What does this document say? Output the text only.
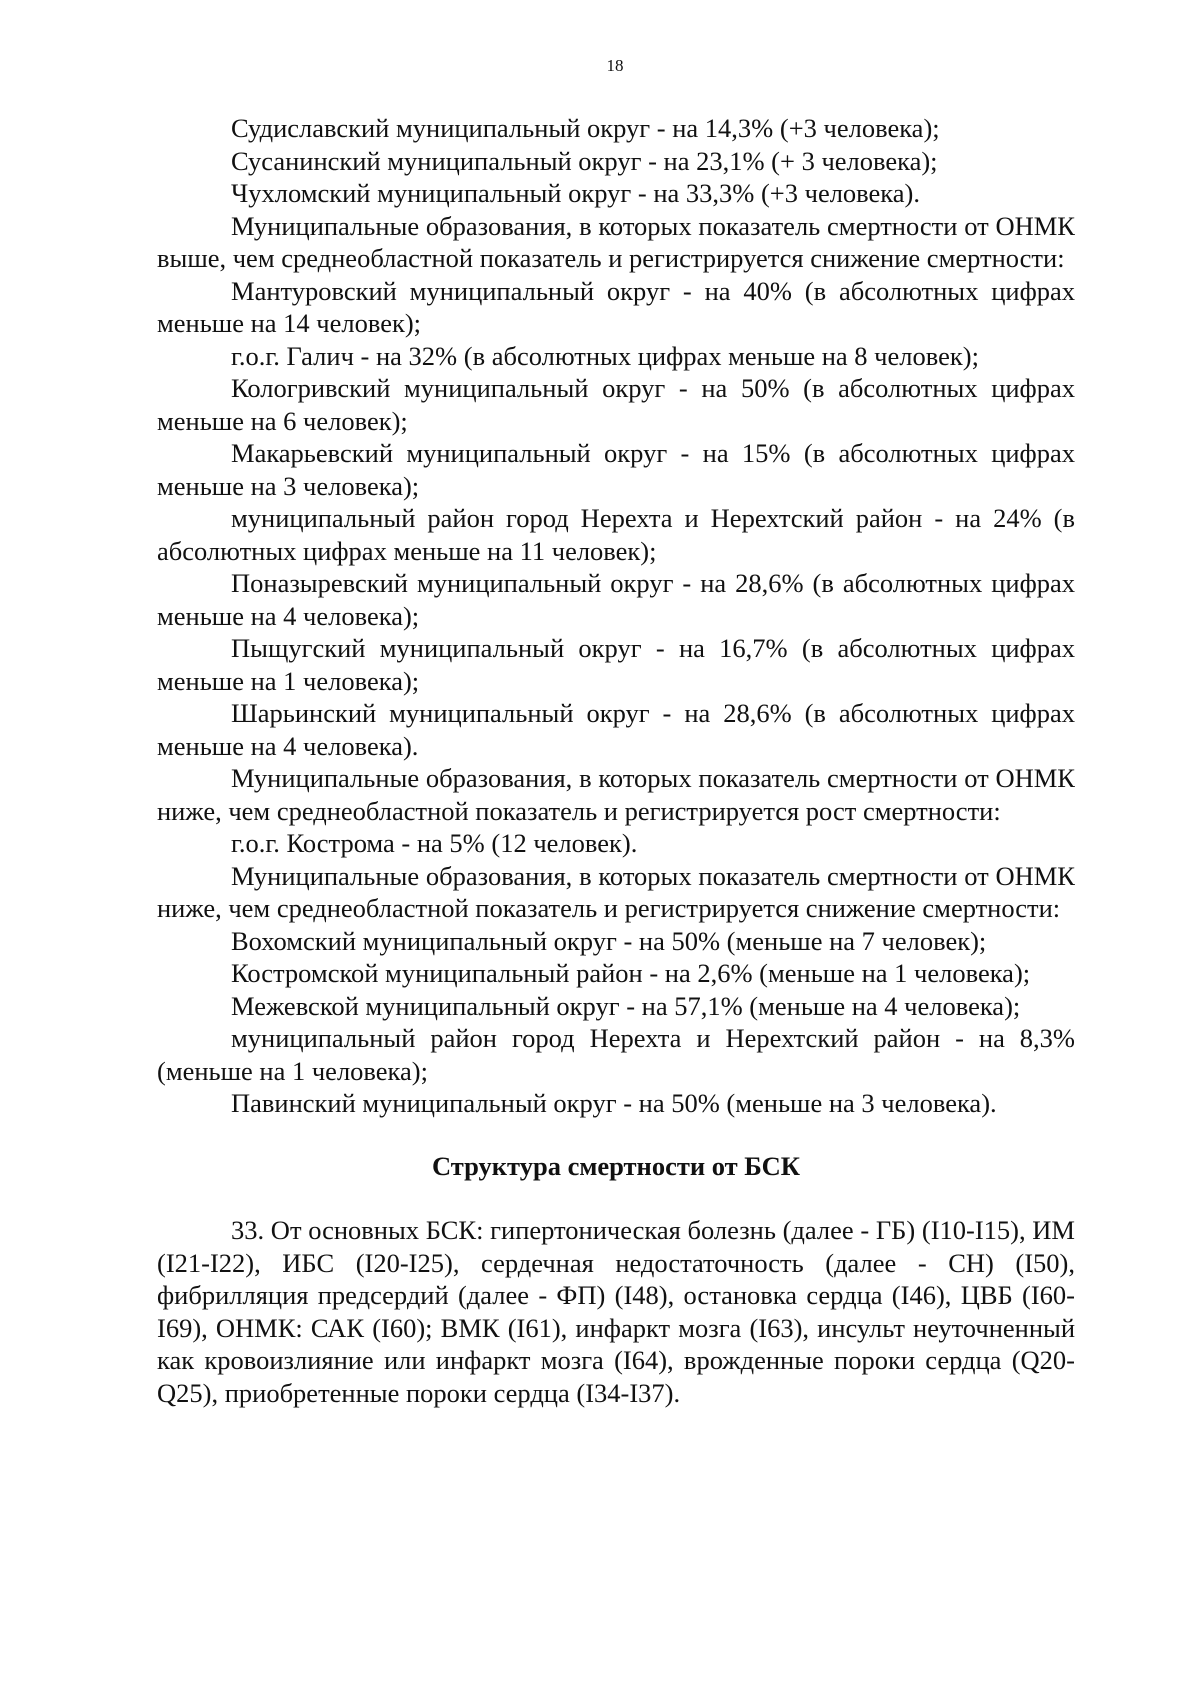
18

Судиславский муниципальный округ - на 14,3% (+3 человека);

Сусанинский муниципальный округ - на 23,1% (+ 3 человека);

Чухломский муниципальный округ - на 33,3% (+3 человека).

Муниципальные образования, в которых показатель смертности от ОНМК выше, чем среднеобластной показатель и регистрируется снижение смертности:

Мантуровский муниципальный округ - на 40% (в абсолютных цифрах меньше на 14 человек);

г.о.г. Галич - на 32% (в абсолютных цифрах меньше на 8 человек);

Кологривский муниципальный округ - на 50% (в абсолютных цифрах меньше на 6 человек);

Макарьевский муниципальный округ - на 15% (в абсолютных цифрах меньше на 3 человека);

муниципальный район город Нерехта и Нерехтский район - на 24% (в абсолютных цифрах меньше на 11 человек);

Поназыревский муниципальный округ - на 28,6% (в абсолютных цифрах меньше на 4 человека);

Пыщугский муниципальный округ - на 16,7% (в абсолютных цифрах меньше на 1 человека);

Шарьинский муниципальный округ - на 28,6% (в абсолютных цифрах меньше на 4 человека).

Муниципальные образования, в которых показатель смертности от ОНМК ниже, чем среднеобластной показатель и регистрируется рост смертности:

г.о.г. Кострома - на 5% (12 человек).

Муниципальные образования, в которых показатель смертности от ОНМК ниже, чем среднеобластной показатель и регистрируется снижение смертности:

Вохомский муниципальный округ - на 50% (меньше на 7 человек);

Костромской муниципальный район - на 2,6% (меньше на 1 человека);

Межевской муниципальный округ - на 57,1% (меньше на 4 человека);

муниципальный район город Нерехта и Нерехтский район - на 8,3% (меньше на 1 человека);

Павинский муниципальный округ - на 50% (меньше на 3 человека).

Структура смертности от БСК

33. От основных БСК: гипертоническая болезнь (далее - ГБ) (I10-I15), ИМ (I21-I22), ИБС (I20-I25), сердечная недостаточность (далее - СН) (I50), фибрилляция предсердий (далее - ФП) (I48), остановка сердца (I46), ЦВБ (I60-I69), ОНМК: САК (I60); ВМК (I61), инфаркт мозга (I63), инсульт неуточненный как кровоизлияние или инфаркт мозга (I64), врожденные пороки сердца (Q20-Q25), приобретенные пороки сердца (I34-I37).
